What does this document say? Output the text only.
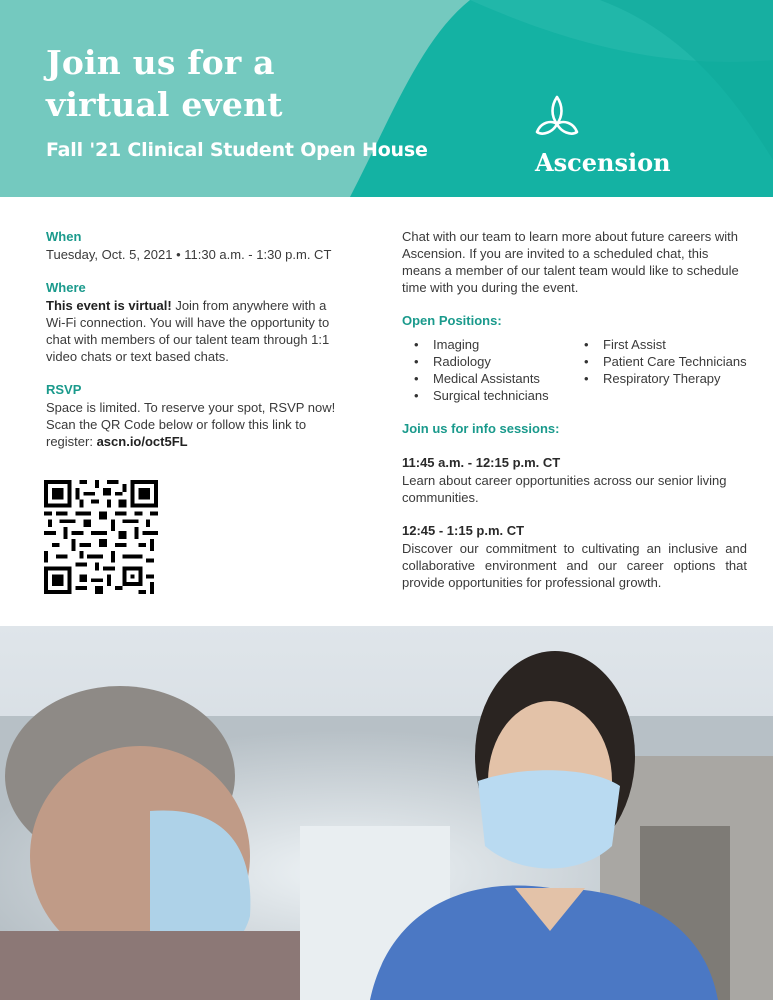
Join us for a
virtual event
Fall '21 Clinical Student Open House	Ascension
When
Tuesday, Oct. 5, 2021 • 11:30 a.m. - 1:30 p.m. CT
Where
This event is virtual! Join from anywhere with a Wi-Fi connection. You will have the opportunity to chat with members of our talent team through 1:1 video chats or text based chats.
RSVP
Space is limited. To reserve your spot, RSVP now! Scan the QR Code below or follow this link to register: ascn.io/oct5FL
Chat with our team to learn more about future careers with Ascension. If you are invited to a scheduled chat, this means a member of our talent team would like to schedule time with you during the event.
Open Positions:
• Imaging
• Radiology
• Medical Assistants
• Surgical technicians
• First Assist
• Patient Care Technicians
• Respiratory Therapy
Join us for info sessions:
11:45 a.m. - 12:15 p.m. CT
Learn about career opportunities across our senior living communities.
12:45 - 1:15 p.m. CT
Discover our commitment to cultivating an inclusive and collaborative environment and our career options that provide opportunities for professional growth.
